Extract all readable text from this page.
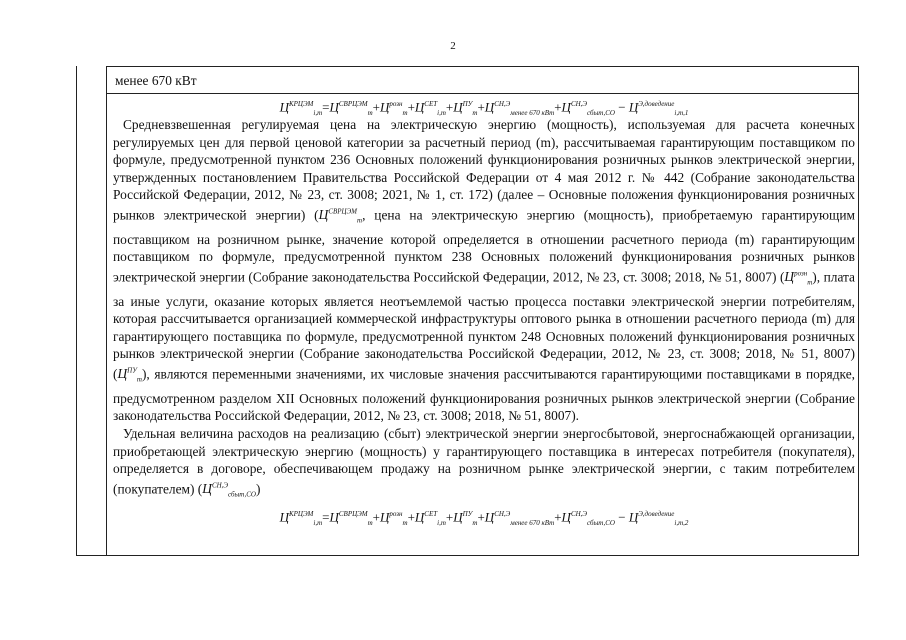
2
менее 670 кВт
$Ц^{КРЦЭМ}_{i,m}=Ц^{СВРЦЭМ}_m+Ц^{розн}_m+Ц^{СЕТ}_{i,m}+Ц^{ПУ}_m+Ц^{СН,Э}_{менее 670 кВт}+Ц^{СН,Э}_{сбыт,СО} - Ц^{Э,доведение}_{i,m,1}$

Средневзвешенная регулируемая цена на электрическую энергию (мощность), используемая для расчета конечных регулируемых цен для первой ценовой категории за расчетный период (m), рассчитываемая гарантирующим поставщиком по формуле, предусмотренной пунктом 236 Основных положений функционирования розничных рынков электрической энергии, утвержденных постановлением Правительства Российской Федерации от 4 мая 2012 г. № 442 (Собрание законодательства Российской Федерации, 2012, № 23, ст. 3008; 2021, № 1, ст. 172) (далее – Основные положения функционирования розничных рынков электрической энергии) ($Ц^{СВРЦЭМ}_m$, цена на электрическую энергию (мощность), приобретаемую гарантирующим поставщиком на розничном рынке, значение которой определяется в отношении расчетного периода (m) гарантирующим поставщиком по формуле, предусмотренной пунктом 238 Основных положений функционирования розничных рынков электрической энергии (Собрание законодательства Российской Федерации, 2012, № 23, ст. 3008; 2018, № 51, 8007) $(Ц^{розн}_m)$, плата за иные услуги, оказание которых является неотъемлемой частью процесса поставки электрической энергии потребителям, которая рассчитывается организацией коммерческой инфраструктуры оптового рынка в отношении расчетного периода (m) для гарантирующего поставщика по формуле, предусмотренной пунктом 248 Основных положений функционирования розничных рынков электрической энергии (Собрание законодательства Российской Федерации, 2012, № 23, ст. 3008; 2018, № 51, 8007) $(Ц^{ПУ}_m)$, являются переменными значениями, их числовые значения рассчитываются гарантирующими поставщиками в порядке, предусмотренном разделом XII Основных положений функционирования розничных рынков электрической энергии (Собрание законодательства Российской Федерации, 2012, № 23, ст. 3008; 2018, № 51, 8007).

Удельная величина расходов на реализацию (сбыт) электрической энергии энергосбытовой, энергоснабжающей организации, приобретающей электрическую энергию (мощность) у гарантирующего поставщика в интересах потребителя (покупателя), определяется в договоре, обеспечивающем продажу на розничном рынке электрической энергии, с таким потребителем (покупателем) $(Ц^{СН,Э}_{сбыт,СО})$

$Ц^{КРЦЭМ}_{i,m}=Ц^{СВРЦЭМ}_m+Ц^{розн}_m+Ц^{СЕТ}_{i,m}+Ц^{ПУ}_m+Ц^{СН,Э}_{менее 670 кВт}+Ц^{СН,Э}_{сбыт,СО} - Ц^{Э,доведение}_{i,m,2}$
